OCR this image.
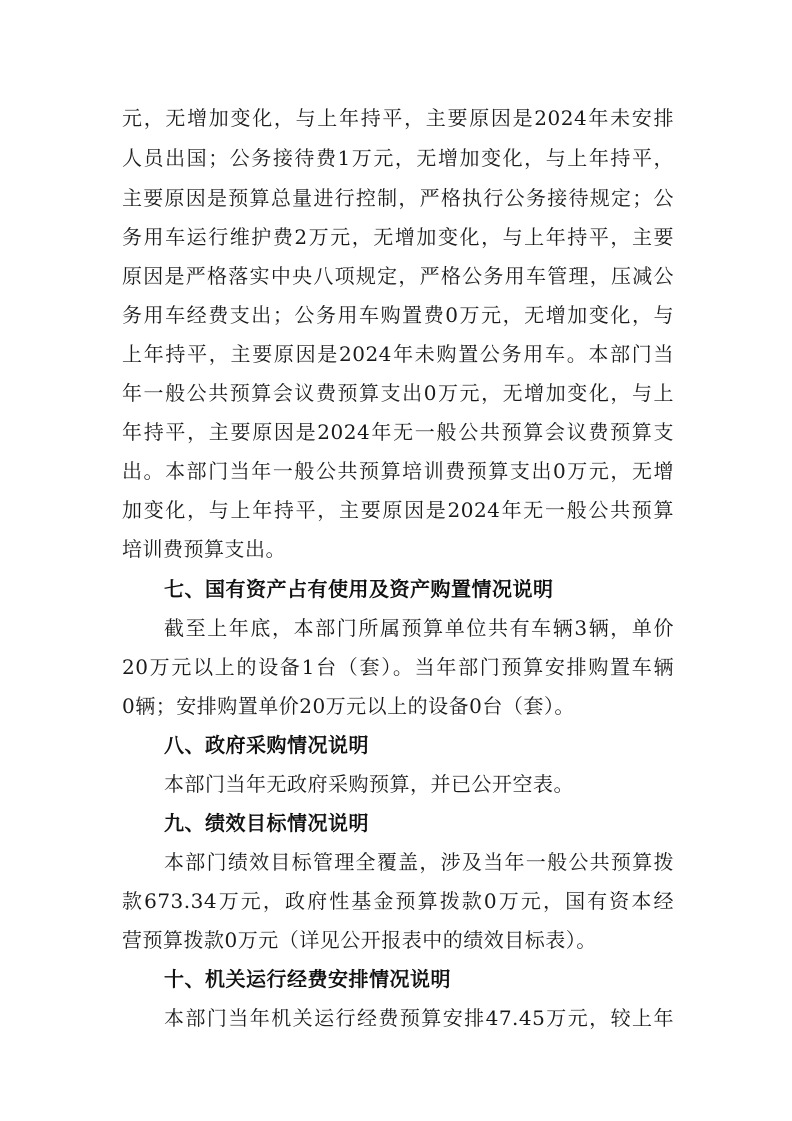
元，无增加变化，与上年持平，主要原因是2024年未安排
人员出国；公务接待费1万元，无增加变化，与上年持平，
主要原因是预算总量进行控制，严格执行公务接待规定；公
务用车运行维护费2万元，无增加变化，与上年持平，主要
原因是严格落实中央八项规定，严格公务用车管理，压减公
务用车经费支出；公务用车购置费0万元，无增加变化，与
上年持平，主要原因是2024年未购置公务用车。本部门当
年一般公共预算会议费预算支出0万元，无增加变化，与上
年持平，主要原因是2024年无一般公共预算会议费预算支
出。本部门当年一般公共预算培训费预算支出0万元，无增
加变化，与上年持平，主要原因是2024年无一般公共预算
培训费预算支出。
七、国有资产占有使用及资产购置情况说明
截至上年底，本部门所属预算单位共有车辆3辆，单价
20万元以上的设备1台（套）。当年部门预算安排购置车辆
0辆；安排购置单价20万元以上的设备0台（套）。
八、政府采购情况说明
本部门当年无政府采购预算，并已公开空表。
九、绩效目标情况说明
本部门绩效目标管理全覆盖，涉及当年一般公共预算拨
款673.34万元，政府性基金预算拨款0万元，国有资本经
营预算拨款0万元（详见公开报表中的绩效目标表）。
十、机关运行经费安排情况说明
本部门当年机关运行经费预算安排47.45万元，较上年
